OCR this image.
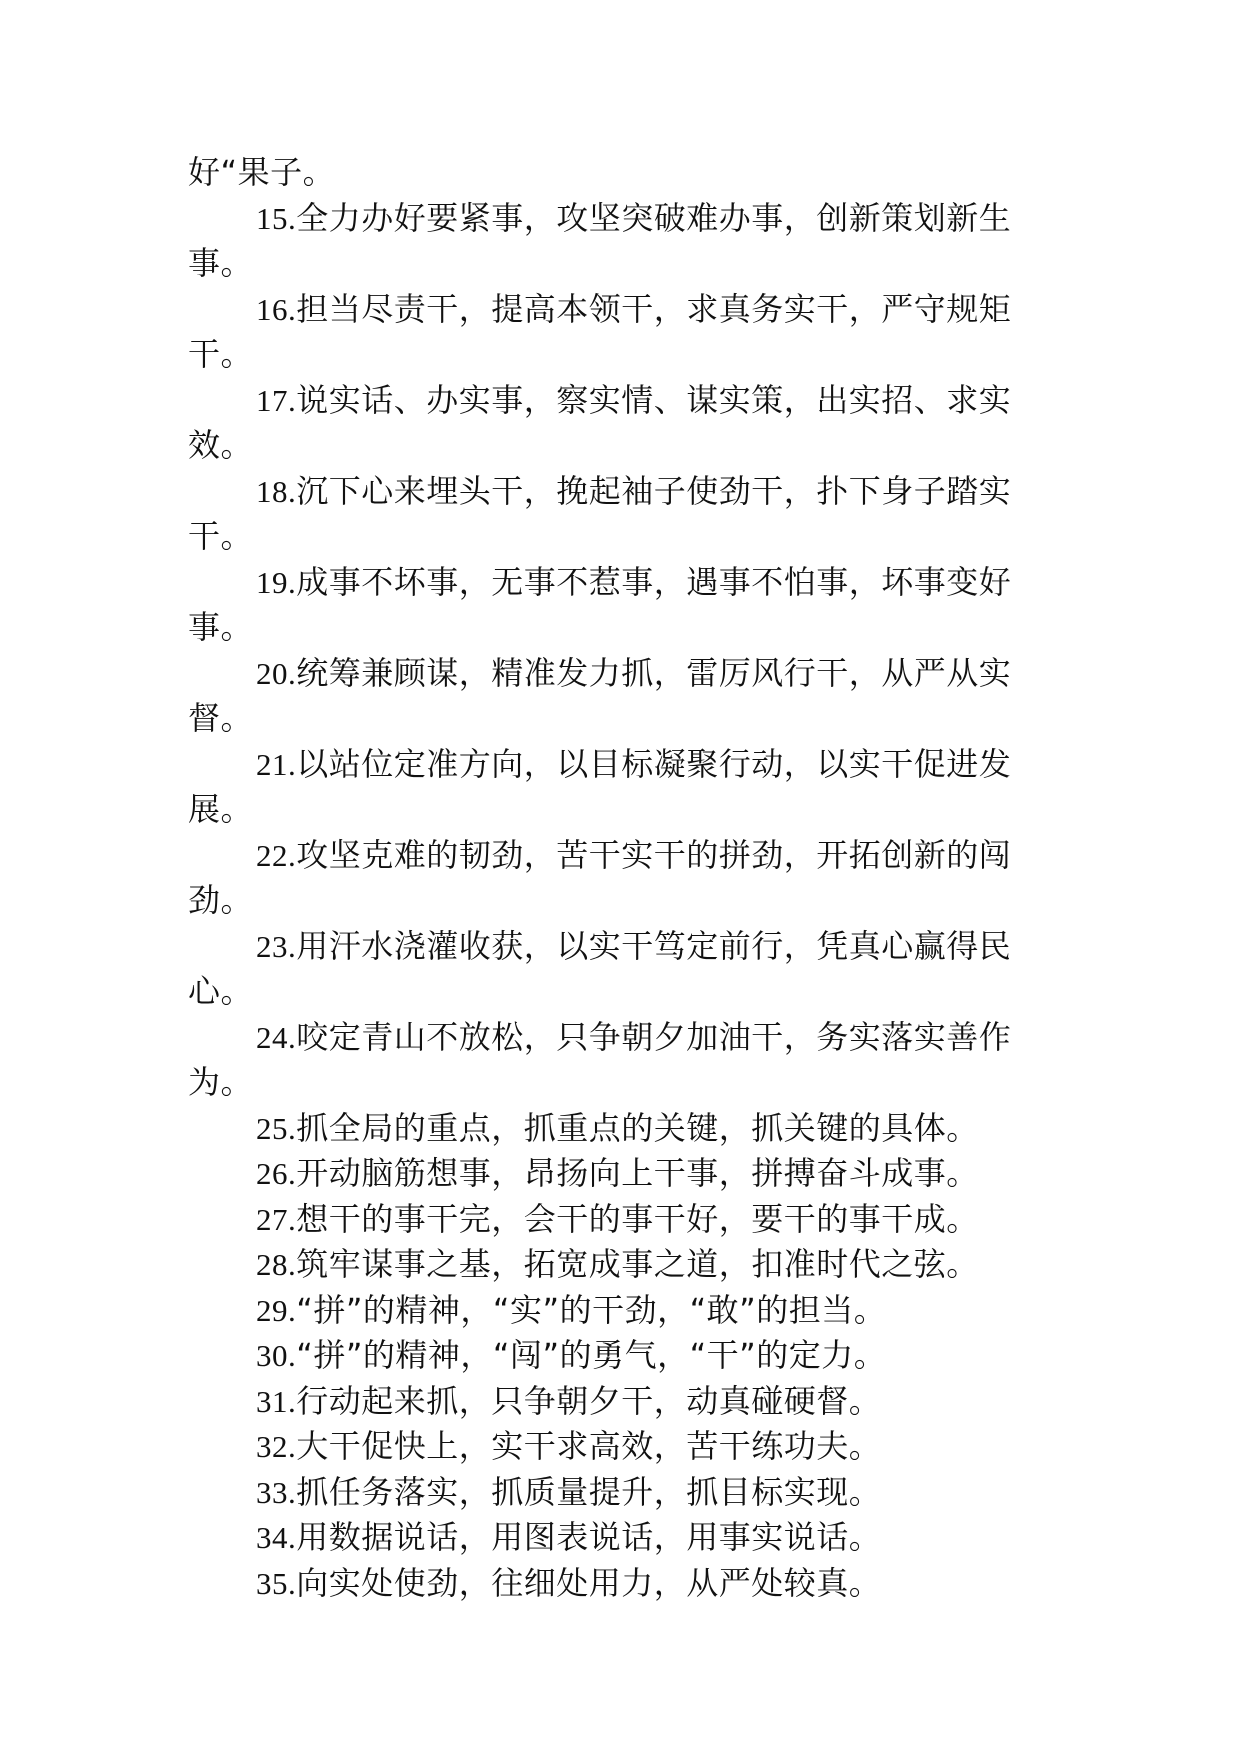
好“果子。

15.全力办好要紧事，攻坚突破难办事，创新策划新生

事。

16.担当尽责干，提高本领干，求真务实干，严守规矩

干。

17.说实话、办实事，察实情、谋实策，出实招、求实

效。

18.沉下心来埋头干，挽起袖子使劲干，扑下身子踏实

干。

19.成事不坏事，无事不惹事，遇事不怕事，坏事变好

事。

20.统筹兼顾谋，精准发力抓，雷厉风行干，从严从实

督。

21.以站位定准方向，以目标凝聚行动，以实干促进发

展。

22.攻坚克难的韧劲，苦干实干的拼劲，开拓创新的闯

劲。

23.用汗水浇灌收获，以实干笃定前行，凭真心赢得民

心。

24.咬定青山不放松，只争朝夕加油干，务实落实善作

为。

25.抓全局的重点，抓重点的关键，抓关键的具体。

26.开动脑筋想事，昂扬向上干事，拼搏奋斗成事。

27.想干的事干完，会干的事干好，要干的事干成。

28.筑牢谋事之基，拓宽成事之道，扣准时代之弦。

29.“拼”的精神，“实”的干劲，“敢”的担当。

30.“拼”的精神，“闯”的勇气，“干”的定力。

31.行动起来抓，只争朝夕干，动真碰硬督。

32.大干促快上，实干求高效，苦干练功夫。

33.抓任务落实，抓质量提升，抓目标实现。

34.用数据说话，用图表说话，用事实说话。

35.向实处使劲，往细处用力，从严处较真。
